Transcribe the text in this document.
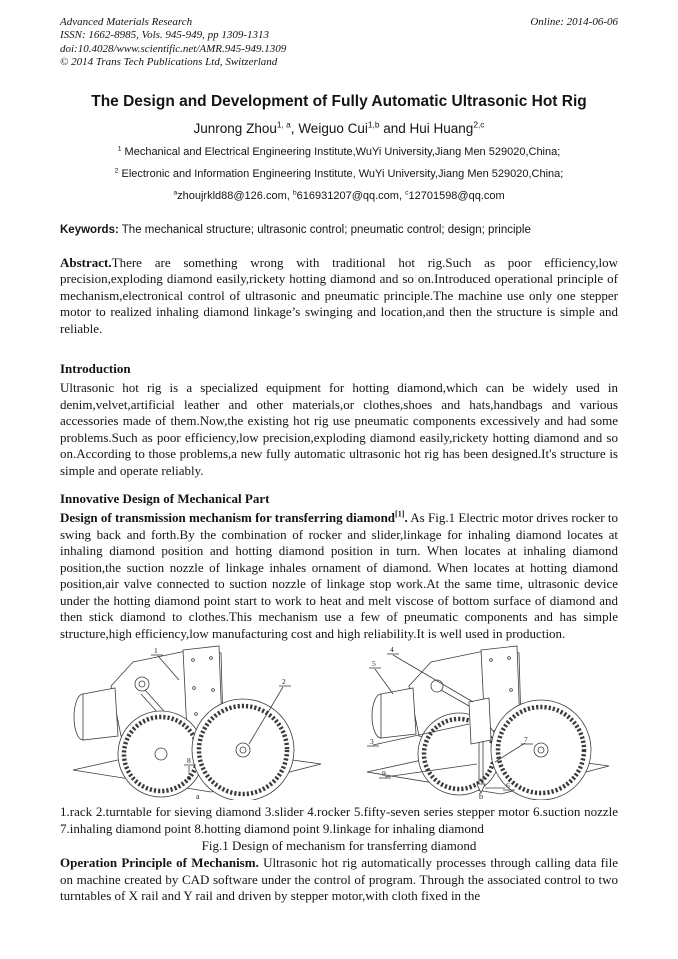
Advanced Materials Research
ISSN: 1662-8985, Vols. 945-949, pp 1309-1313
doi:10.4028/www.scientific.net/AMR.945-949.1309
© 2014 Trans Tech Publications Ltd, Switzerland
Online: 2014-06-06
The Design and Development of Fully Automatic Ultrasonic Hot Rig
Junrong Zhou$^{1, a}$, Weiguo Cui$^{1,b}$ and Hui Huang$^{2,c}$
$^1$ Mechanical and Electrical Engineering Institute,WuYi University,Jiang Men 529020,China;
$^2$ Electronic and Information Engineering Institute, WuYi University,Jiang Men 529020,China;
$^a$zhoujrkld88@126.com, $^b$616931207@qq.com, $^c$12701598@qq.com
Keywords: The mechanical structure; ultrasonic control; pneumatic control; design; principle

Abstract.There are something wrong with traditional hot rig.Such as poor efficiency,low precision,exploding diamond easily,rickety hotting diamond and so on.Introduced operational principle of mechanism,electronical control of ultrasonic and pneumatic principle.The machine use only one stepper motor to realized inhaling diamond linkage’s swinging and location,and then the structure is simple and reliable.

Introduction

Ultrasonic hot rig is a specialized equipment for hotting diamond,which can be widely used in denim,velvet,artificial leather and other materials,or clothes,shoes and hats,handbags and various accessories made of them.Now,the existing hot rig use pneumatic components excessively and had some problems.Such as poor efficiency,low precision,exploding diamond easily,rickety hotting diamond and so on.According to those problems,a new fully automatic ultrasonic hot rig has been designed.It's structure is simple and operate reliably.

Innovative Design of Mechanical Part

Design of transmission mechanism for transferring diamond[1]. As Fig.1 Electric motor drives rocker to swing back and forth.By the combination of rocker and slider,linkage for inhaling diamond locates at inhaling diamond position and hotting diamond position in turn. When locates at inhaling diamond position,the suction nozzle of linkage inhales ornament of diamond. When locates at hotting diamond position,air valve connected to suction nozzle of linkage stop work.At the same time, ultrasonic device under the hotting diamond point start to work to heat and melt viscose of bottom surface of diamond and then stick diamond to clothes.This mechanism use a few of pneumatic components and has simple structure,high efficiency,low manufacturing cost and high reliability.It is well used in production.

1
2
8
a
4
5
3
9
6
7
b

1.rack 2.turntable for sieving diamond 3.slider 4.rocker 5.fifty-seven series stepper motor 6.suction nozzle 7.inhaling diamond point 8.hotting diamond point 9.linkage for inhaling diamond

Fig.1 Design of mechanism for transferring diamond

Operation Principle of Mechanism. Ultrasonic hot rig automatically processes through calling data file on machine created by CAD software under the control of program. Through the associated control to two turntables of X rail and Y rail and driven by stepper motor,with cloth fixed in the
